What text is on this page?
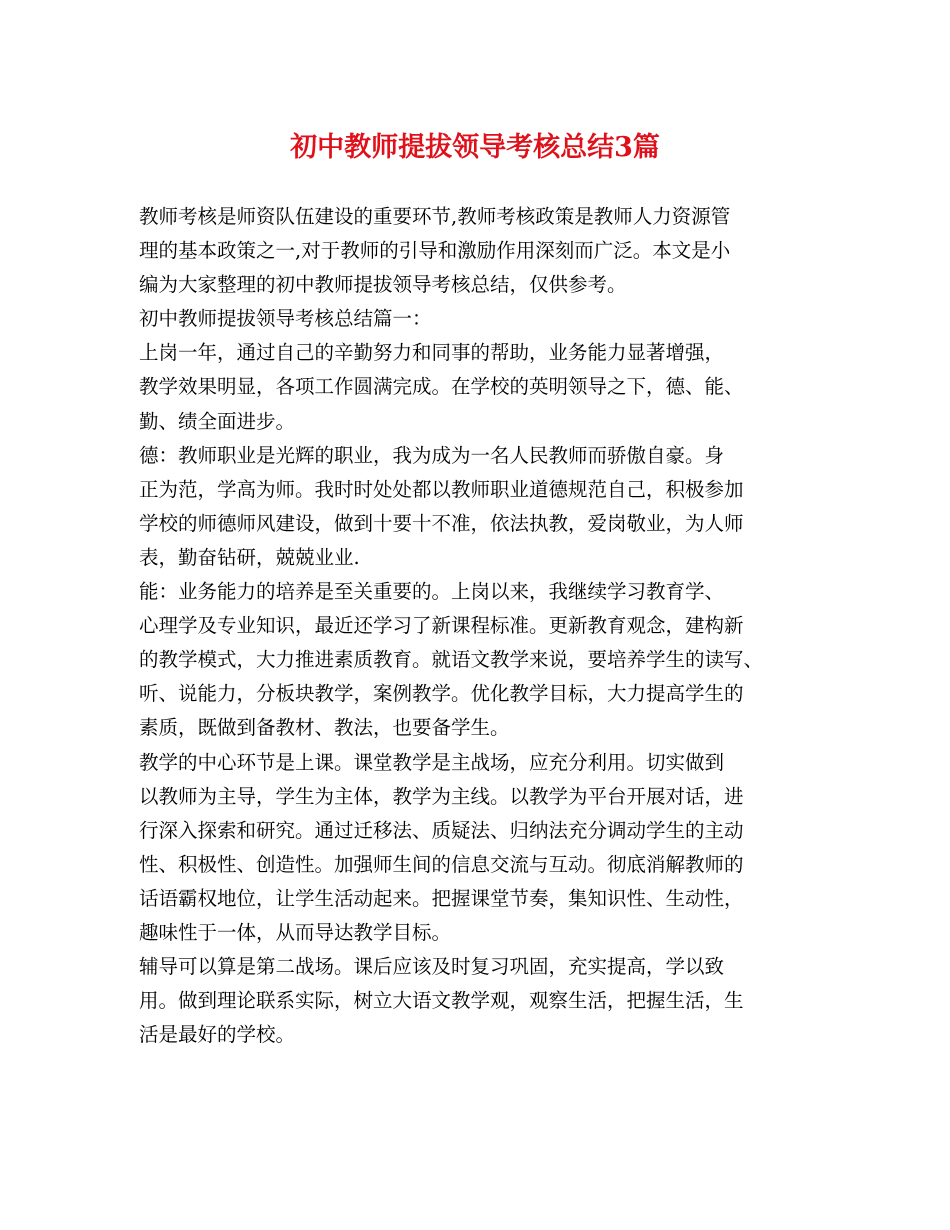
初中教师提拔领导考核总结3篇
教师考核是师资队伍建设的重要环节,教师考核政策是教师人力资源管
理的基本政策之一,对于教师的引导和激励作用深刻而广泛。本文是小
编为大家整理的初中教师提拔领导考核总结，仅供参考。
初中教师提拔领导考核总结篇一：
上岗一年，通过自己的辛勤努力和同事的帮助，业务能力显著增强，
教学效果明显，各项工作圆满完成。在学校的英明领导之下，德、能、
勤、绩全面进步。
德：教师职业是光辉的职业，我为成为一名人民教师而骄傲自豪。身
正为范，学高为师。我时时处处都以教师职业道德规范自己，积极参加
学校的师德师风建设，做到十要十不准，依法执教，爱岗敬业，为人师
表，勤奋钻研，兢兢业业.
能：业务能力的培养是至关重要的。上岗以来，我继续学习教育学、
心理学及专业知识，最近还学习了新课程标准。更新教育观念，建构新
的教学模式，大力推进素质教育。就语文教学来说，要培养学生的读写、
听、说能力，分板块教学，案例教学。优化教学目标，大力提高学生的
素质，既做到备教材、教法，也要备学生。
教学的中心环节是上课。课堂教学是主战场，应充分利用。切实做到
以教师为主导，学生为主体，教学为主线。以教学为平台开展对话，进
行深入探索和研究。通过迁移法、质疑法、归纳法充分调动学生的主动
性、积极性、创造性。加强师生间的信息交流与互动。彻底消解教师的
话语霸权地位，让学生活动起来。把握课堂节奏，集知识性、生动性，
趣味性于一体，从而导达教学目标。
辅导可以算是第二战场。课后应该及时复习巩固，充实提高，学以致
用。做到理论联系实际，树立大语文教学观，观察生活，把握生活，生
活是最好的学校。
